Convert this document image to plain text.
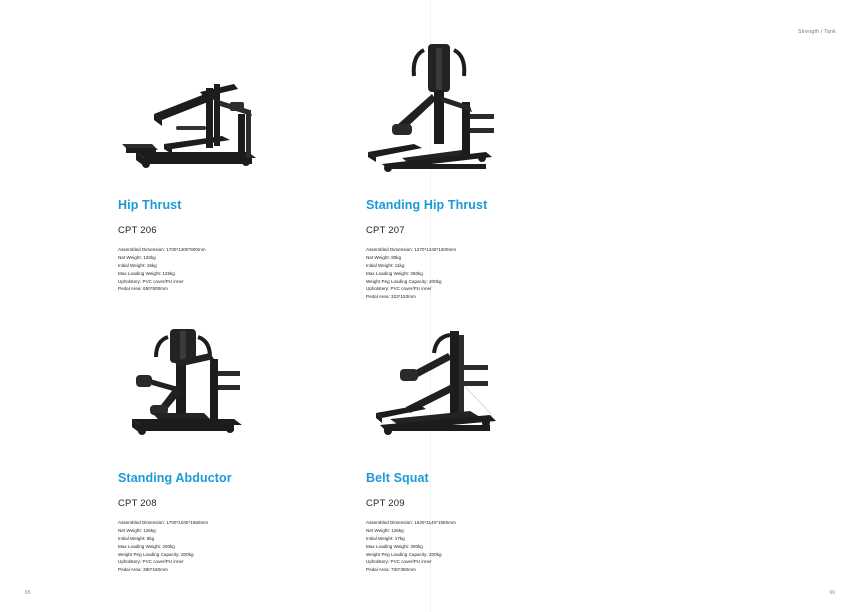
Strength / Tank
Hip Thrust
CPT 206
Assembled Dimension: 1700*1300*900mm
Net Weight: 133kg
Initial Weight: 15kg
Max Loading Weight: 125kg
Upholstery: PVC cover/PU inner
Pedal Area: 650*500mm
Standing Hip Thrust
CPT 207
Assembled Dimension: 1270*1240*1500mm
Net Weight: 80kg
Initial Weight: 11kg
Max Loading Weight: 250kg
Weight Peg Loading Capacity: 200kg
Upholstery: PVC cover/PU inner
Pedal Area: 323*153mm
Standing Abductor
CPT 208
Assembled Dimension: 1700*1040*1650mm
Net Weight: 126kg
Initial Weight: 8kg
Max Loading Weight: 200kg
Weight Peg Loading Capacity: 200kg
Upholstery: PVC cover/PU inner
Pedal Area: 380*160mm
Belt Squat
CPT 209
Assembled Dimension: 1620*1140*1550mm
Net Weight: 126kg
Initial Weight: 17kg
Max Loading Weight: 300kg
Weight Peg Loading Capacity: 200kg
Upholstery: PVC cover/PU inner
Pedal Area: 700*380mm
65	66
